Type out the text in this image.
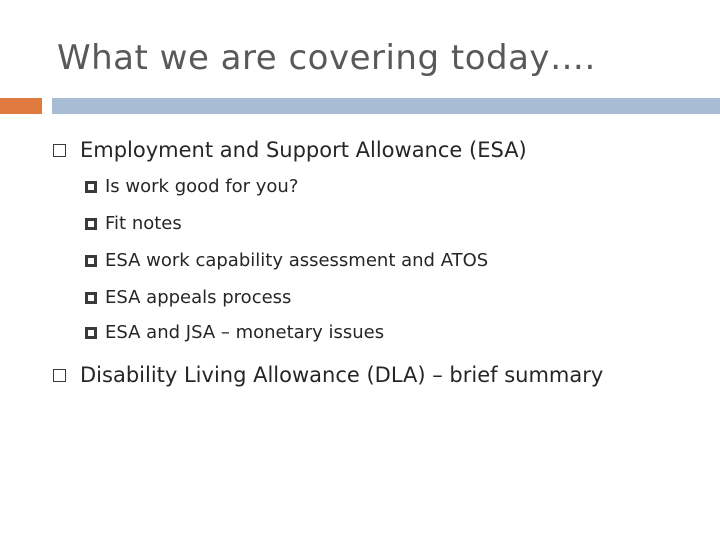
What we are covering today….
Employment and Support Allowance (ESA)
Is work good for you?
Fit notes
ESA work capability assessment and ATOS
ESA appeals process
ESA and JSA – monetary issues
Disability Living Allowance (DLA) – brief summary
